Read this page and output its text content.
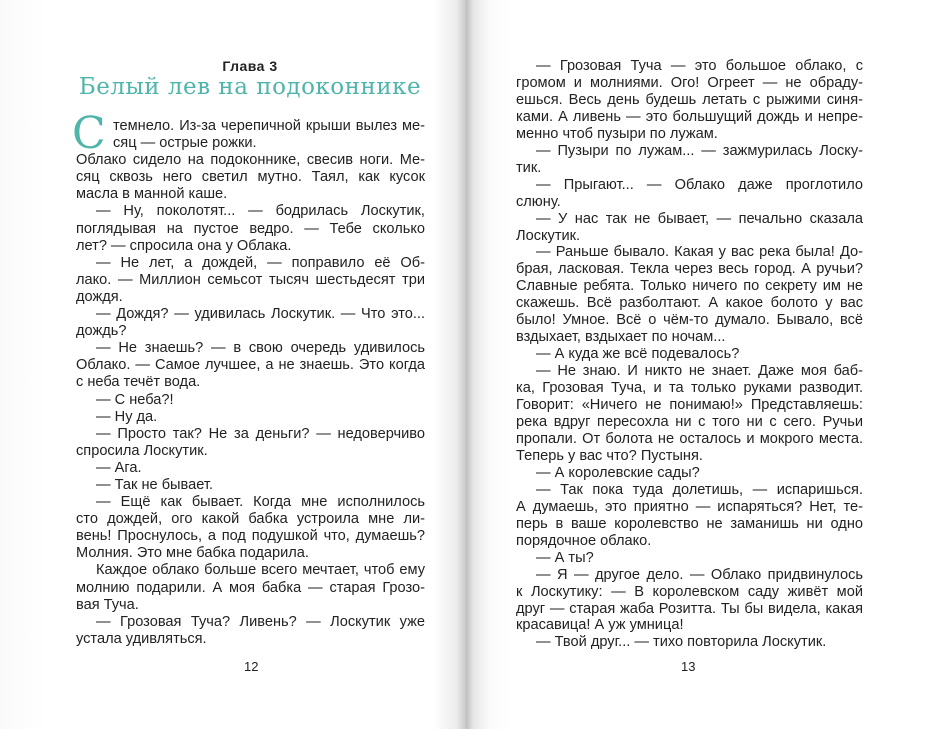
Глава 3
Белый лев на подоконнике
С темнело. Из-за черепичной крыши вылез ме-
сяц — острые рожки.
Облако сидело на подоконнике, свесив ноги. Ме-
сяц сквозь него светил мутно. Таял, как кусок
масла в манной каше.
— Ну, поколотят... — бодрилась Лоскутик,
поглядывая на пустое ведро. — Тебе сколько
лет? — спросила она у Облака.
— Не лет, а дождей, — поправило её Об-
лако. — Миллион семьсот тысяч шестьдесят три
дождя.
— Дождя? — удивилась Лоскутик. — Что это...
дождь?
— Не знаешь? — в свою очередь удивилось
Облако. — Самое лучшее, а не знаешь. Это когда
с неба течёт вода.
— С неба?!
— Ну да.
— Просто так? Не за деньги? — недоверчиво
спросила Лоскутик.
— Ага.
— Так не бывает.
— Ещё как бывает. Когда мне исполнилось
сто дождей, ого какой бабка устроила мне ли-
вень! Проснулось, а под подушкой что, думаешь?
Молния. Это мне бабка подарила.
Каждое облако больше всего мечтает, чтоб ему
молнию подарили. А моя бабка — старая Грозо-
вая Туча.
— Грозовая Туча? Ливень? — Лоскутик уже
устала удивляться.
12
— Грозовая Туча — это большое облако, с
громом и молниями. Ого! Огреет — не обраду-
ешься. Весь день будешь летать с рыжими синя-
ками. А ливень — это большущий дождь и непре-
менно чтоб пузыри по лужам.
— Пузыри по лужам... — зажмурилась Лоску-
тик.
— Прыгают... — Облако даже проглотило
слюну.
— У нас так не бывает, — печально сказала
Лоскутик.
— Раньше бывало. Какая у вас река была! До-
брая, ласковая. Текла через весь город. А ручьи?
Славные ребята. Только ничего по секрету им не
скажешь. Всё разболтают. А какое болото у вас
было! Умное. Всё о чём-то думало. Бывало, всё
вздыхает, вздыхает по ночам...
— А куда же всё подевалось?
— Не знаю. И никто не знает. Даже моя баб-
ка, Грозовая Туча, и та только руками разводит.
Говорит: «Ничего не понимаю!» Представляешь:
река вдруг пересохла ни с того ни с сего. Ручьи
пропали. От болота не осталось и мокрого места.
Теперь у вас что? Пустыня.
— А королевские сады?
— Так пока туда долетишь, — испаришься.
А думаешь, это приятно — испаряться? Нет, те-
перь в ваше королевство не заманишь ни одно
порядочное облако.
— А ты?
— Я — другое дело. — Облако придвинулось
к Лоскутику: — В королевском саду живёт мой
друг — старая жаба Розитта. Ты бы видела, какая
красавица! А уж умница!
— Твой друг... — тихо повторила Лоскутик.
13
